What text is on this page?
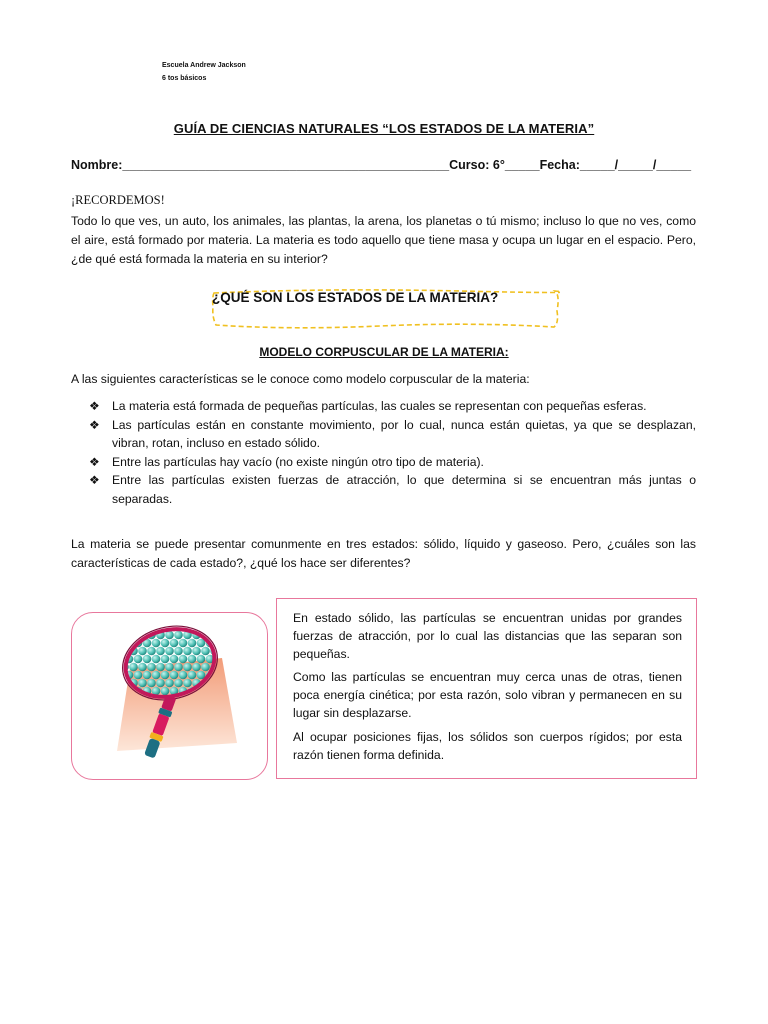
Escuela Andrew Jackson
6 tos básicos
GUÍA DE CIENCIAS NATURALES “LOS ESTADOS DE LA MATERIA”
Nombre:_______________________________________________Curso: 6°_____Fecha:_____/_____/_____
¡RECORDEMOS!
Todo lo que ves, un auto, los animales, las plantas, la arena, los planetas o tú mismo; incluso lo que no ves, como el aire, está formado por materia. La materia es todo aquello que tiene masa y ocupa un lugar en el espacio. Pero, ¿de qué está formada la materia en su interior?
¿QUÉ SON LOS ESTADOS DE LA MATERIA?
MODELO CORPUSCULAR DE LA MATERIA:
A las siguientes características se le conoce como modelo corpuscular de la materia:
❖ La materia está formada de pequeñas partículas, las cuales se representan con pequeñas esferas.
❖ Las partículas están en constante movimiento, por lo cual, nunca están quietas, ya que se desplazan, vibran, rotan, incluso en estado sólido.
❖ Entre las partículas hay vacío (no existe ningún otro tipo de materia).
❖ Entre las partículas existen fuerzas de atracción, lo que determina si se encuentran más juntas o separadas.
La materia se puede presentar comunmente en tres estados: sólido, líquido y gaseoso. Pero, ¿cuáles son las características de cada estado?, ¿qué los hace ser diferentes?

En estado sólido, las partículas se encuentran unidas por grandes fuerzas de atracción, por lo cual las distancias que las separan son pequeñas.

Como las partículas se encuentran muy cerca unas de otras, tienen poca energía cinética; por esta razón, solo vibran y permanecen en su lugar sin desplazarse.

Al ocupar posiciones fijas, los sólidos son cuerpos rígidos; por esta razón tienen forma definida.
